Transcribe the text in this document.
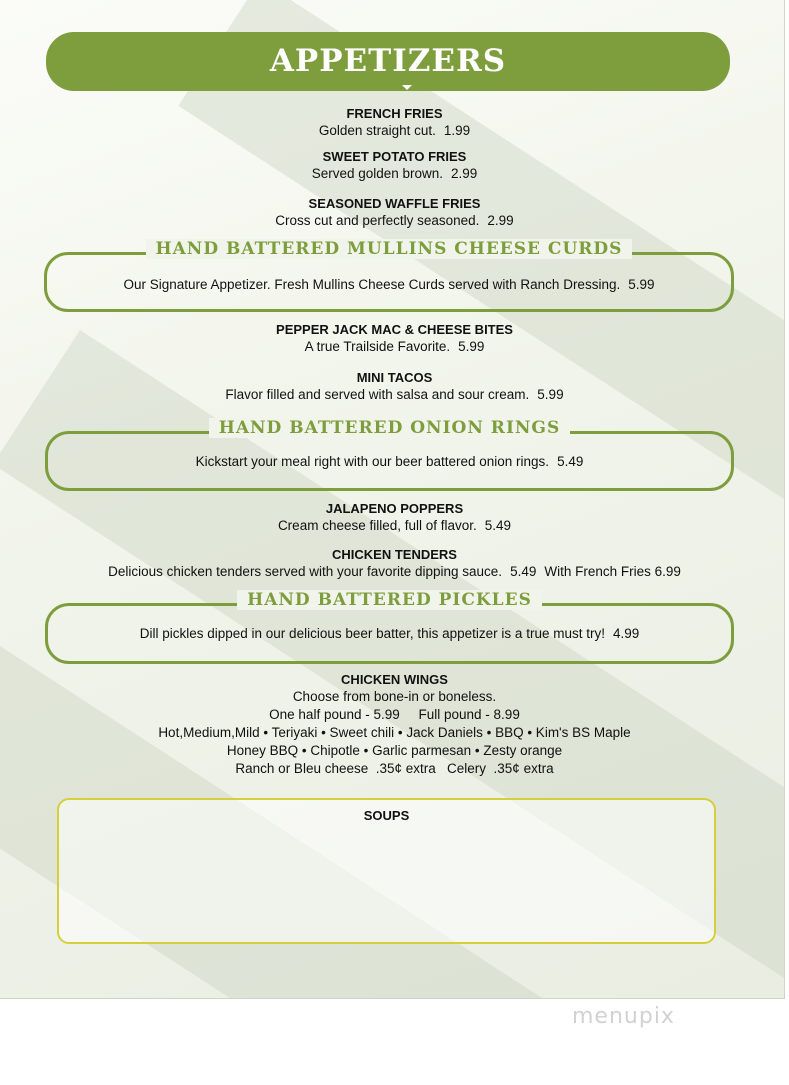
APPETIZERS
FRENCH FRIES
Golden straight cut. 1.99
SWEET POTATO FRIES
Served golden brown. 2.99
SEASONED WAFFLE FRIES
Cross cut and perfectly seasoned. 2.99
HAND BATTERED MULLINS CHEESE CURDS
Our Signature Appetizer. Fresh Mullins Cheese Curds served with Ranch Dressing. 5.99
PEPPER JACK MAC & CHEESE BITES
A true Trailside Favorite. 5.99
MINI TACOS
Flavor filled and served with salsa and sour cream. 5.99
HAND BATTERED ONION RINGS
Kickstart your meal right with our beer battered onion rings. 5.49
JALAPENO POPPERS
Cream cheese filled, full of flavor. 5.49
CHICKEN TENDERS
Delicious chicken tenders served with your favorite dipping sauce. 5.49 With French Fries 6.99
HAND BATTERED PICKLES
Dill pickles dipped in our delicious beer batter, this appetizer is a true must try! 4.99
CHICKEN WINGS
Choose from bone-in or boneless.
One half pound - 5.99     Full pound - 8.99
Hot,Medium,Mild • Teriyaki • Sweet chili • Jack Daniels • BBQ • Kim's BS Maple
Honey BBQ • Chipotle • Garlic parmesan • Zesty orange
Ranch or Bleu cheese  .35¢ extra   Celery  .35¢ extra
SOUPS
menupix
